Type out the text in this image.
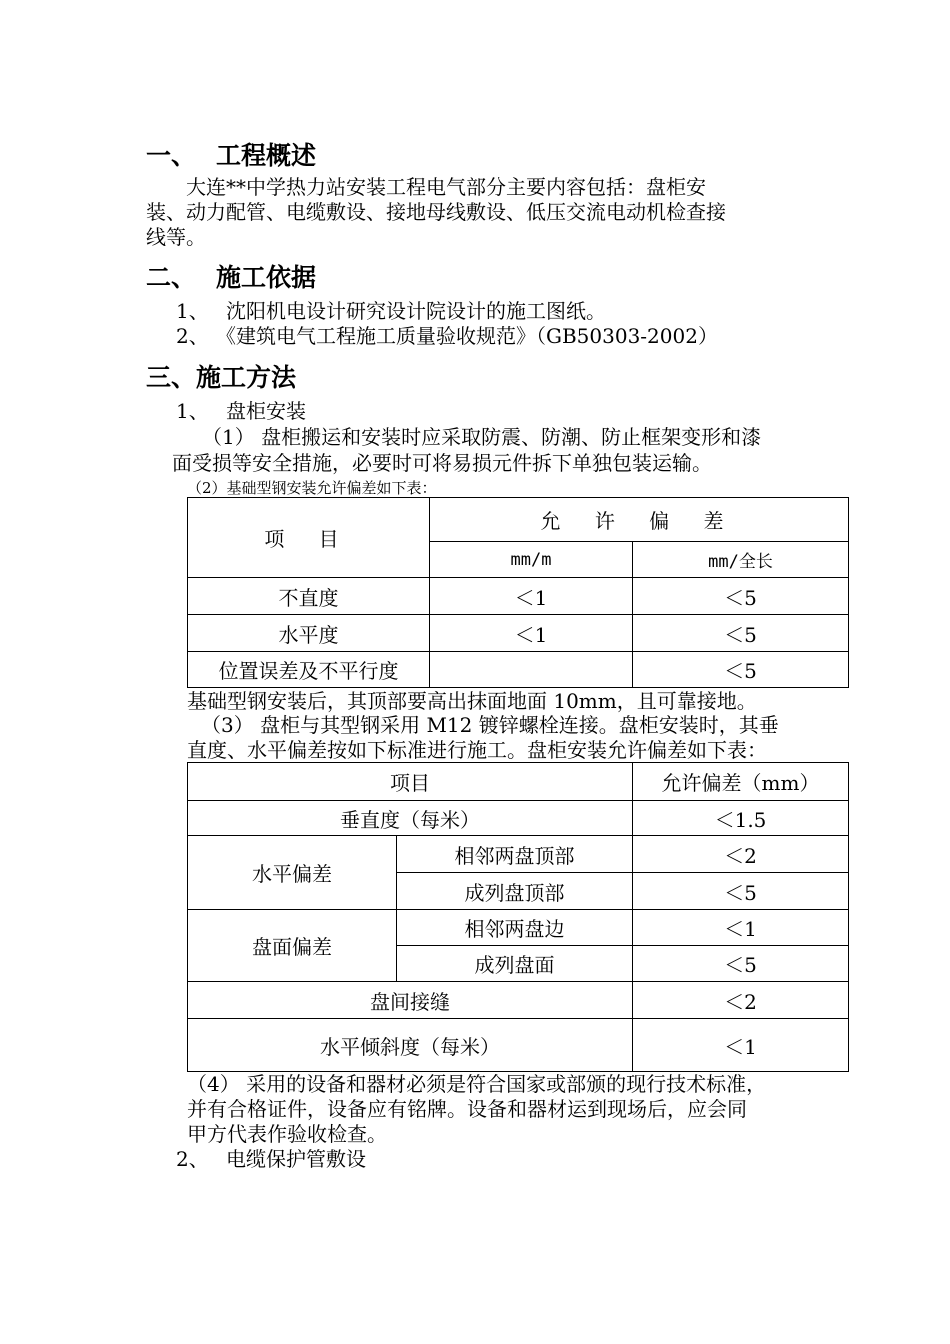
一、 工程概述
大连**中学热力站安装工程电气部分主要内容包括：盘柜安
装、动力配管、电缆敷设、接地母线敷设、低压交流电动机检查接
线等。
二、 施工依据
1、 沈阳机电设计研究设计院设计的施工图纸。
2、 《建筑电气工程施工质量验收规范》（GB50303-2002）
三、施工方法
1、 盘柜安装
（1） 盘柜搬运和安装时应采取防震、防潮、防止框架变形和漆
面受损等安全措施，必要时可将易损元件拆下单独包装运输。
（2）基础型钢安装允许偏差如下表：
项 目	允 许 偏 差	
	mm/m	mm/全长
不直度	＜1	＜5
水平度	＜1	＜5
位置误差及不平行度		＜5
基础型钢安装后，其顶部要高出抹面地面 10mm，且可靠接地。
（3） 盘柜与其型钢采用 M12 镀锌螺栓连接。盘柜安装时，其垂
直度、水平偏差按如下标准进行施工。盘柜安装允许偏差如下表：
项目		允许偏差（mm）
垂直度（每米）		＜1.5
水平偏差	相邻两盘顶部	＜2
	成列盘顶部	＜5
盘面偏差	相邻两盘边	＜1
	成列盘面	＜5
盘间接缝		＜2
水平倾斜度（每米）		＜1
（4） 采用的设备和器材必须是符合国家或部颁的现行技术标准，
并有合格证件，设备应有铭牌。设备和器材运到现场后，应会同
甲方代表作验收检查。
2、 电缆保护管敷设
